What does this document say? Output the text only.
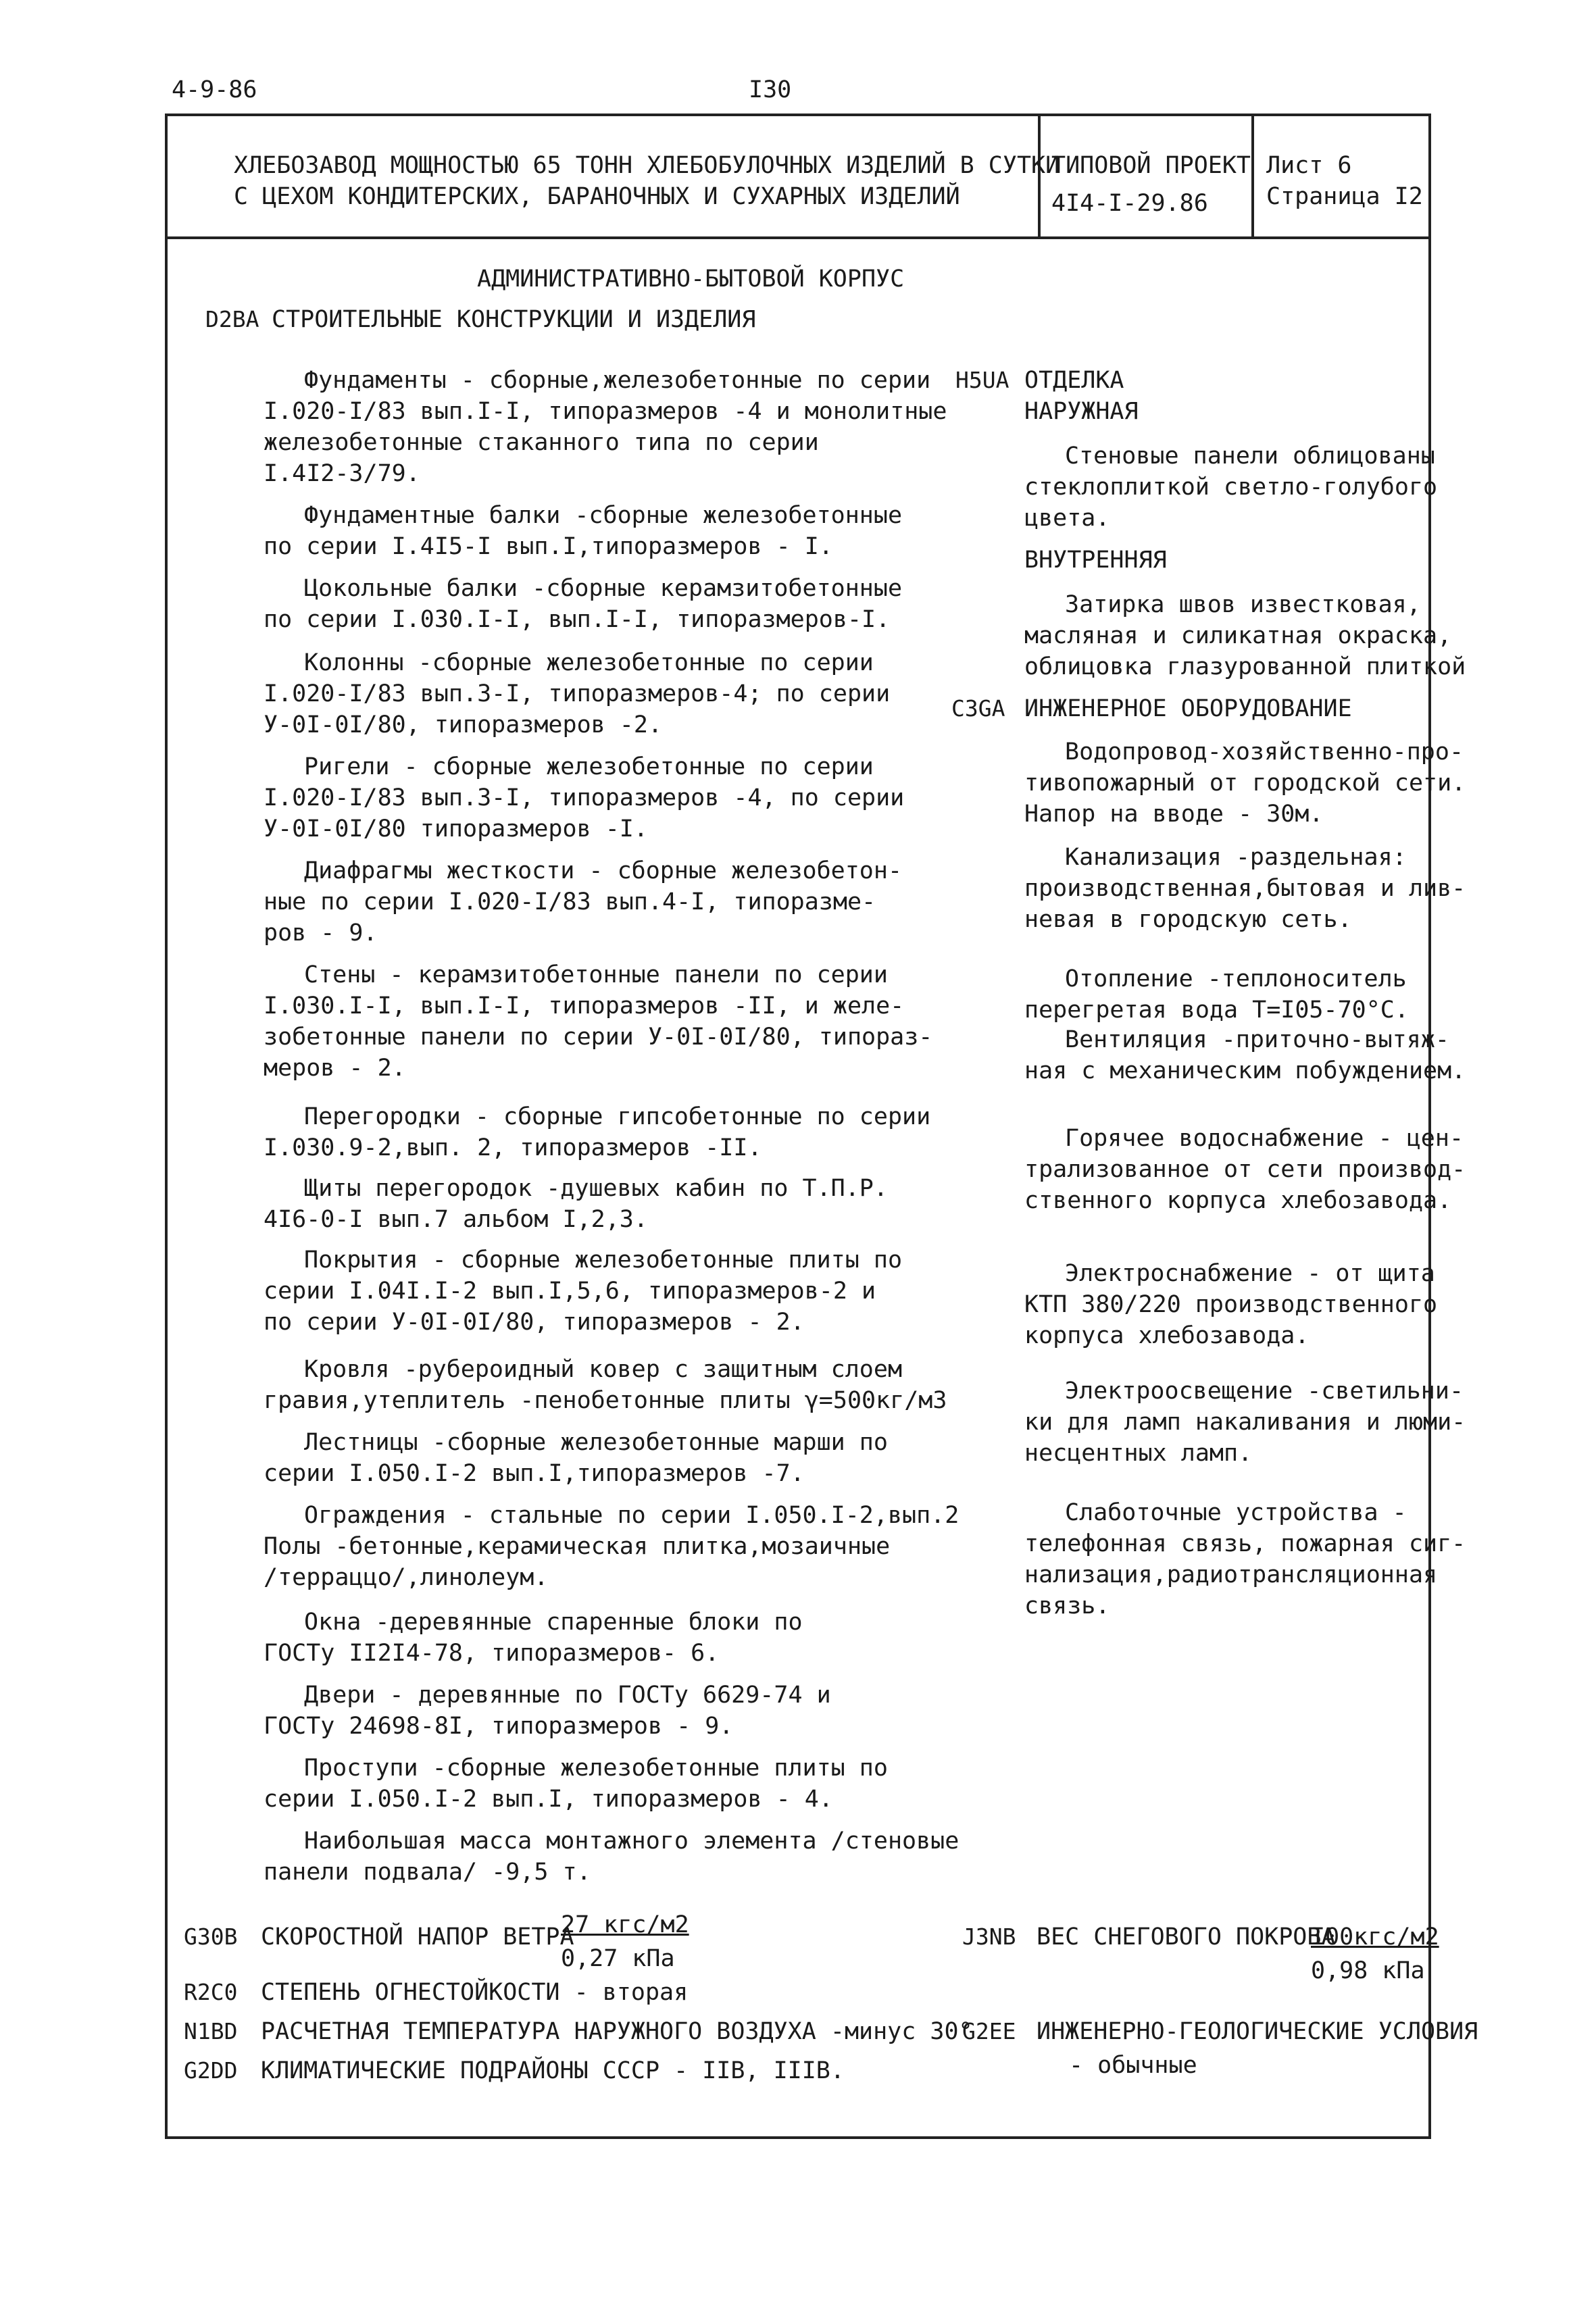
4-9-86	I30
ХЛЕБОЗАВОД МОЩНОСТЬЮ 65 ТОНН ХЛЕБОБУЛОЧНЫХ ИЗДЕЛИЙ В СУТКИ
С ЦЕХОМ КОНДИТЕРСКИХ, БАРАНОЧНЫХ И СУХАРНЫХ ИЗДЕЛИЙ
ТИПОВОЙ ПРОЕКТ
4I4-I-29.86
Лист 6
Страница I2
АДМИНИСТРАТИВНО-БЫТОВОЙ КОРПУС
D2BA СТРОИТЕЛЬНЫЕ КОНСТРУКЦИИ И ИЗДЕЛИЯ
Фундаменты - сборные,железобетонные по серии
I.020-I/83 вып.I-I, типоразмеров -4 и монолитные
железобетонные стаканного типа по серии
I.4I2-3/79.
Фундаментные балки -сборные железобетонные
по серии I.4I5-I вып.I,типоразмеров - I.
Цокольные балки -сборные керамзитобетонные
по серии I.030.I-I, вып.I-I, типоразмеров-I.
Колонны -сборные железобетонные по серии
I.020-I/83 вып.3-I, типоразмеров-4; по серии
У-0I-0I/80, типоразмеров -2.
Ригели - сборные железобетонные по серии
I.020-I/83 вып.3-I, типоразмеров -4, по серии
У-0I-0I/80 типоразмеров -I.
Диафрагмы жесткости - сборные железобетон-
ные по серии I.020-I/83 вып.4-I, типоразме-
ров - 9.
Стены - керамзитобетонные панели по серии
I.030.I-I, вып.I-I, типоразмеров -II, и желе-
зобетонные панели по серии У-0I-0I/80, типораз-
меров - 2.
Перегородки - сборные гипсобетонные по серии
I.030.9-2,вып. 2, типоразмеров -II.
Щиты перегородок -душевых кабин по Т.П.Р.
4I6-0-I вып.7 альбом I,2,3.
Покрытия - сборные железобетонные плиты по
серии I.04I.I-2 вып.I,5,6, типоразмеров-2 и
по серии У-0I-0I/80, типоразмеров - 2.
Кровля -рубероидный ковер с защитным слоем
гравия,утеплитель -пенобетонные плиты γ=500кг/м3
Лестницы -сборные железобетонные марши по
серии I.050.I-2 вып.I,типоразмеров -7.
Ограждения - стальные по серии I.050.I-2,вып.2
Полы -бетонные,керамическая плитка,мозаичные
/терраццо/,линолеум.
Окна -деревянные спаренные блоки по
ГОСТу II2I4-78, типоразмеров- 6.
Двери - деревянные по ГОСТу 6629-74 и
ГОСТу 24698-8I, типоразмеров - 9.
Проступи -сборные железобетонные плиты по
серии I.050.I-2 вып.I, типоразмеров - 4.
Наибольшая масса монтажного элемента /стеновые
панели подвала/ -9,5 т.
H5UA ОТДЕЛКА
НАРУЖНАЯ
Стеновые панели облицованы
стеклоплиткой светло-голубого
цвета.
ВНУТРЕННЯЯ
Затирка швов известковая,
масляная и силикатная окраска,
облицовка глазурованной плиткой
C3GA ИНЖЕНЕРНОЕ ОБОРУДОВАНИЕ
Водопровод-хозяйственно-про-
тивопожарный от городской сети.
Напор на вводе - 30м.
Канализация -раздельная:
производственная,бытовая и лив-
невая в городскую сеть.
Отопление -теплоноситель
перегретая вода Т=I05-70°С.
Вентиляция -приточно-вытяж-
ная с механическим побуждением.
Горячее водоснабжение - цен-
трализованное от сети производ-
ственного корпуса хлебозавода.
Электроснабжение - от щита
КТП 380/220 производственного
корпуса хлебозавода.
Электроосвещение -светильни-
ки для ламп накаливания и люми-
несцентных ламп.
Слаботочные устройства -
телефонная связь, пожарная сиг-
нализация,радиотрансляционная
связь.
G30B СКОРОСТНОЙ НАПОР ВЕТРА
27 кгс/м2
0,27 кПа
R2C0 СТЕПЕНЬ ОГНЕСТОЙКОСТИ - вторая
N1BD РАСЧЕТНАЯ ТЕМПЕРАТУРА НАРУЖНОГО ВОЗДУХА -минус 30°
G2DD КЛИМАТИЧЕСКИЕ ПОДРАЙОНЫ СССР - IIВ, IIIВ.
J3NB ВЕС СНЕГОВОГО ПОКРОВА
I00кгс/м2
0,98 кПа
G2EE ИНЖЕНЕРНО-ГЕОЛОГИЧЕСКИЕ УСЛОВИЯ
- обычные
